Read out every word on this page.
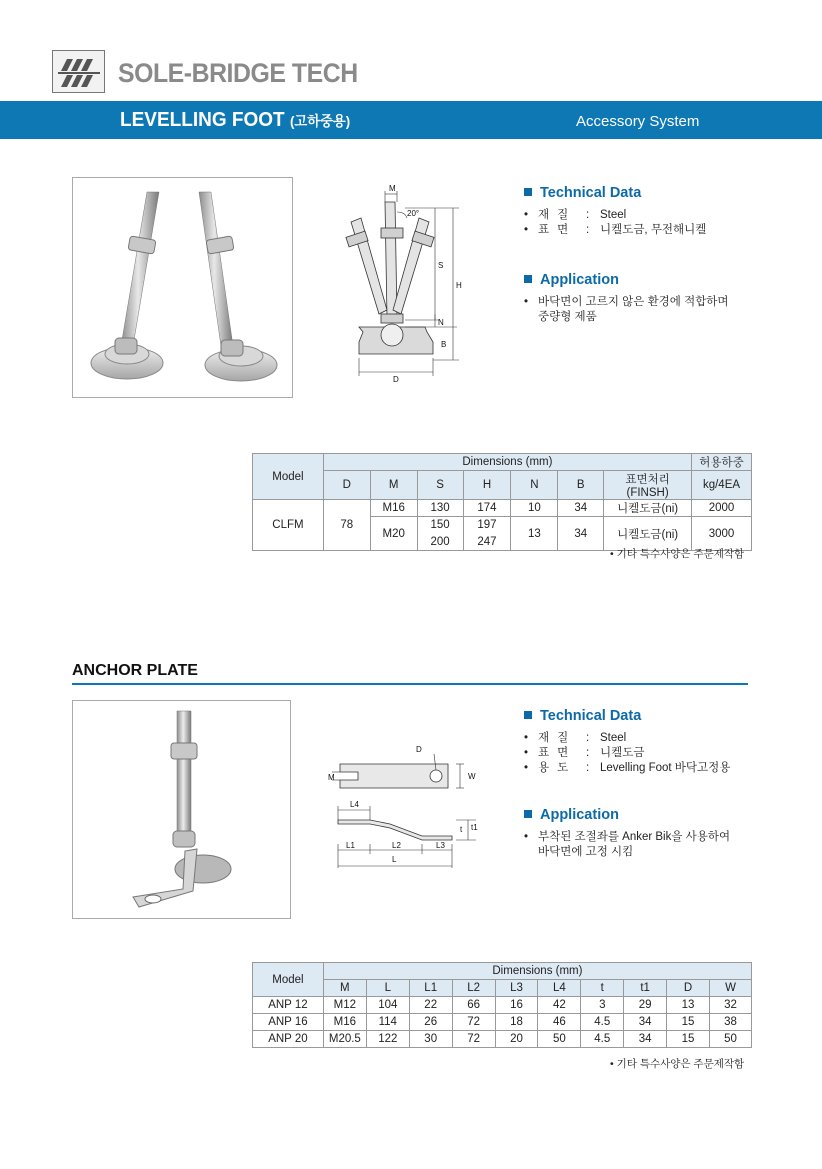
SOLE-BRIDGE TECH
LEVELLING FOOT (고하중용)	Accessory System
M
20°
S
H
N
B
D
Technical Data
• 재질 : Steel
• 표면 : 니켈도금, 무전해니켈
Application
• 바닥면이 고르지 않은 환경에 적합하며
중량형 제품
Model	Dimensions (mm)							허용하중
	D	M	S	H	N	B	표면처리(FINSH)	kg/4EA
CLFM	78	M16	130	174	10	34	니켈도금(ni)	2000
		M20	150	197	13	34	니켈도금(ni)	3000
			200	247				
• 기타 특수사양은 주문제작함
ANCHOR PLATE
D
M	W
L4
t1
t
L1	L2	L3
L
Technical Data
• 재질 : Steel
• 표면 : 니켈도금
• 용도 : Levelling Foot 바닥고정용
Application
• 부착된 조절좌를 Anker Bik을 사용하여
바닥면에 고정 시킴
Model	Dimensions (mm)									
	M	L	L1	L2	L3	L4	t	t1	D	W
ANP 12	M12	104	22	66	16	42	3	29	13	32
ANP 16	M16	114	26	72	18	46	4.5	34	15	38
ANP 20	M20.5	122	30	72	20	50	4.5	34	15	50
• 기타 특수사양은 주문제작함
